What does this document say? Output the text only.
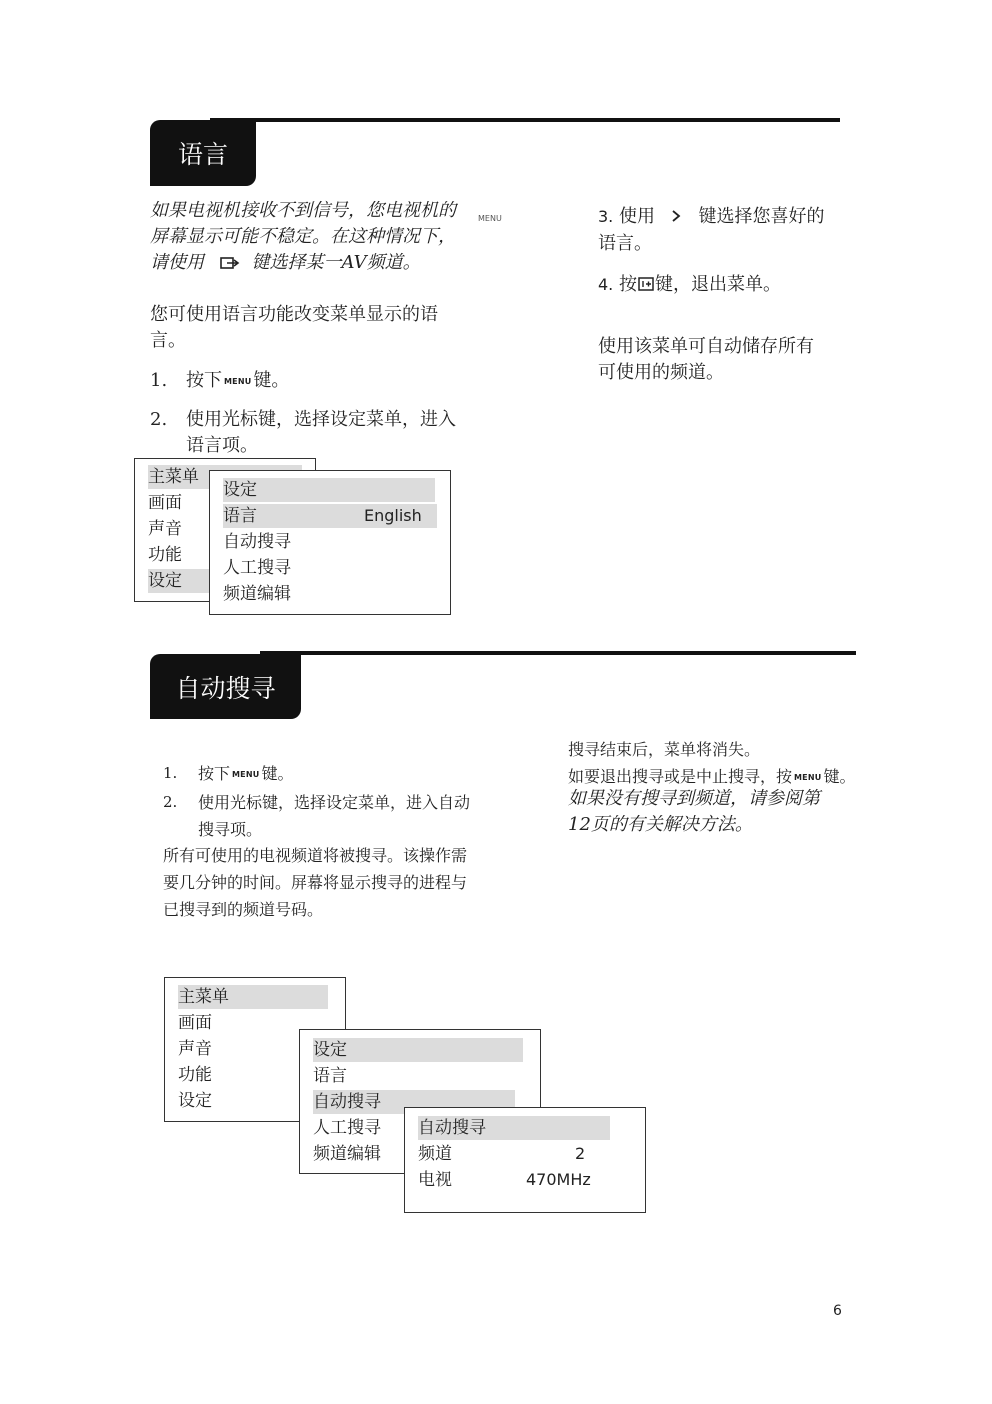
语言
如果电视机接收不到信号，您电视机的
屏幕显示可能不稳定。在这种情况下，
请使用	键选择某一AV频道。
MENU
您可使用语言功能改变菜单显示的语
言。
1. 按下 MENU 键。
2. 使用光标键，选择设定菜单，进入
语言项。
3. 使用 键选择您喜好的
语言。
4. 按 键，退出菜单。
使用该菜单可自动储存所有
可使用的频道。
主菜单
画面
声音
功能
设定
设定
语言	English
自动搜寻
人工搜寻
频道编辑
自动搜寻
1. 按下 MENU 键。
2. 使用光标键，选择设定菜单，进入自动
搜寻项。
所有可使用的电视频道将被搜寻。该操作需
要几分钟的时间。屏幕将显示搜寻的进程与
已搜寻到的频道号码。
搜寻结束后，菜单将消失。
如要退出搜寻或是中止搜寻，按 MENU 键。
如果没有搜寻到频道，请参阅第
12页的有关解决方法。
主菜单
画面
声音
功能
设定
设定
语言
自动搜寻
人工搜寻
频道编辑
自动搜寻
频道	2
电视	470MHz
6
